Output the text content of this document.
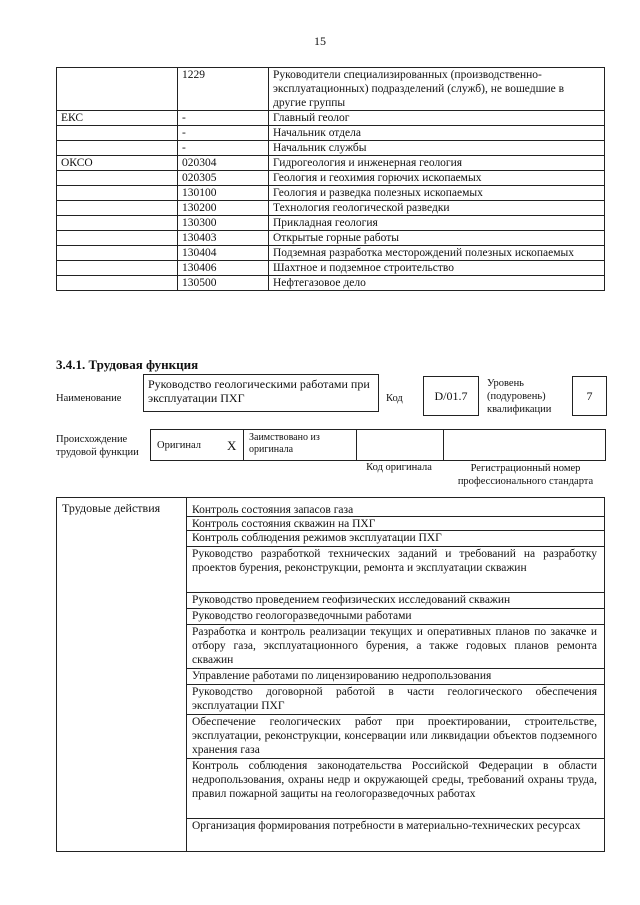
15
	1229	Руководители специализированных (производственно-эксплуатационных) подразделений (служб), не вошедшие в другие группы
ЕКС	-	Главный геолог
	-	Начальник отдела
	-	Начальник службы
ОКСО	020304	Гидрогеология и инженерная геология
	020305	Геология и геохимия горючих ископаемых
	130100	Геология и разведка полезных ископаемых
	130200	Технология геологической разведки
	130300	Прикладная геология
	130403	Открытые горные работы
	130404	Подземная разработка месторождений полезных ископаемых
	130406	Шахтное и подземное строительство
	130500	Нефтегазовое дело
3.4.1. Трудовая функция
Наименование
Руководство геологическими работами при эксплуатации ПХГ	Код	D/01.7
Уровень (подуровень) квалификации
7
Происхождение трудовой функции
Оригинал X
Заимствовано из оригинала
Код оригинала	Регистрационный номер профессионального стандарта
Трудовые действия	Контроль состояния запасов газа
Контроль состояния скважин на ПХГ
Контроль соблюдения режимов эксплуатации ПХГ
Руководство разработкой технических заданий и требований на разработку проектов бурения, реконструкции, ремонта и эксплуатации скважин
Руководство проведением геофизических исследований скважин
Руководство геологоразведочными работами
Разработка и контроль реализации текущих и оперативных планов по закачке и отбору газа, эксплуатационного бурения, а также годовых планов ремонта скважин
Управление работами по лицензированию недропользования
Руководство договорной работой в части геологического обеспечения эксплуатации ПХГ
Обеспечение геологических работ при проектировании, строительстве, эксплуатации, реконструкции, консервации или ликвидации объектов подземного хранения газа
Контроль соблюдения законодательства Российской Федерации в области недропользования, охраны недр и окружающей среды, требований охраны труда, правил пожарной защиты на геологоразведочных работах
Организация формирования потребности в материально-технических ресурсах
